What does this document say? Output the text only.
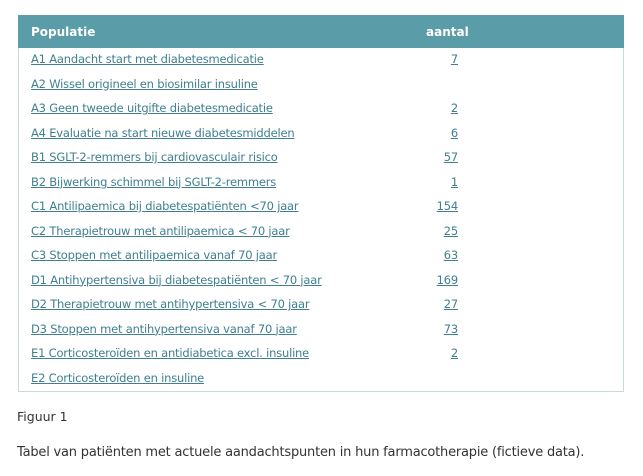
Populatie	aantal
A1 Aandacht start met diabetesmedicatie	7
A2 Wissel origineel en biosimilar insuline
A3 Geen tweede uitgifte diabetesmedicatie	2
A4 Evaluatie na start nieuwe diabetesmiddelen	6
B1 SGLT-2-remmers bij cardiovasculair risico	57
B2 Bijwerking schimmel bij SGLT-2-remmers	1
C1 Antilipaemica bij diabetespatiënten <70 jaar	154
C2 Therapietrouw met antilipaemica < 70 jaar	25
C3 Stoppen met antilipaemica vanaf 70 jaar	63
D1 Antihypertensiva bij diabetespatiënten < 70 jaar	169
D2 Therapietrouw met antihypertensiva < 70 jaar	27
D3 Stoppen met antihypertensiva vanaf 70 jaar	73
E1 Corticosteroïden en antidiabetica excl. insuline	2
E2 Corticosteroïden en insuline
Figuur 1
Tabel van patiënten met actuele aandachtspunten in hun farmacotherapie (fictieve data).
